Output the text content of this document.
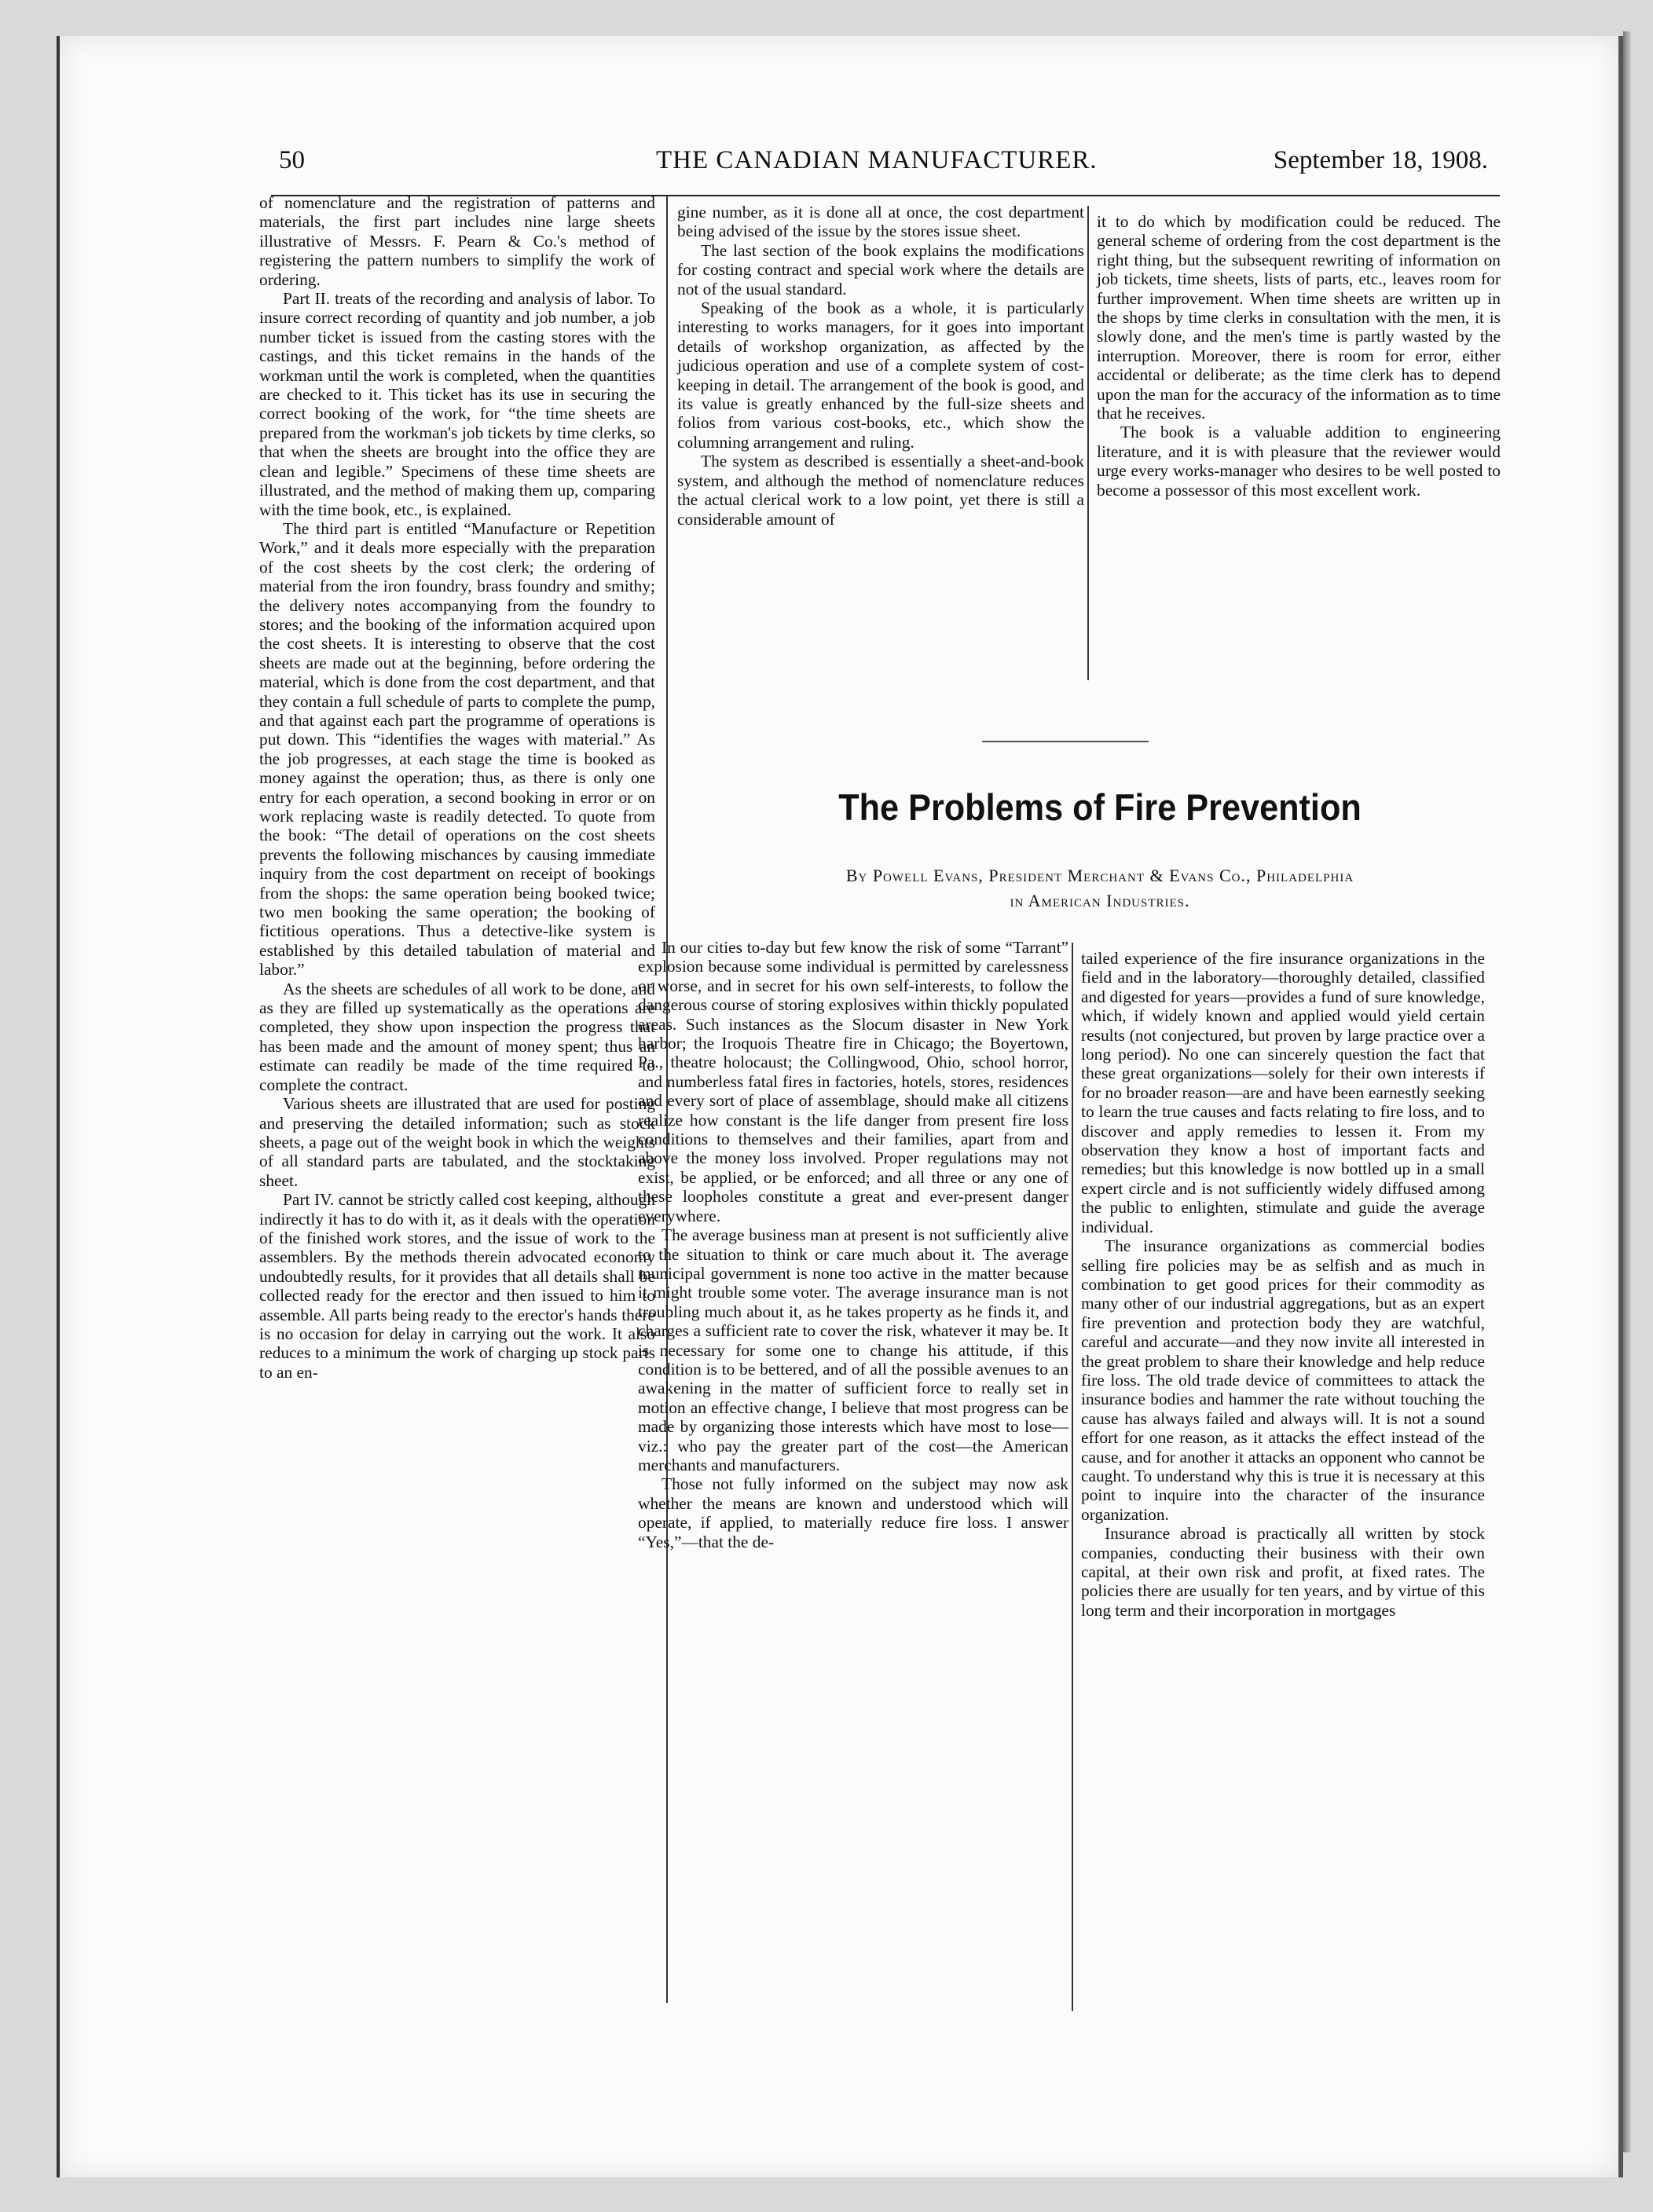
50	THE CANADIAN MANUFACTURER.	September 18, 1908.

of nomenclature and the registration of patterns and materials, the first part includes nine large sheets illustrative of Messrs. F. Pearn & Co.'s method of registering the pattern numbers to simplify the work of ordering.

Part II. treats of the recording and analysis of labor. To insure correct recording of quantity and job number, a job number ticket is issued from the casting stores with the castings, and this ticket remains in the hands of the workman until the work is completed, when the quantities are checked to it. This ticket has its use in securing the correct booking of the work, for “the time sheets are prepared from the workman's job tickets by time clerks, so that when the sheets are brought into the office they are clean and legible.” Specimens of these time sheets are illustrated, and the method of making them up, comparing with the time book, etc., is explained.

The third part is entitled “Manufacture or Repetition Work,” and it deals more especially with the preparation of the cost sheets by the cost clerk; the ordering of material from the iron foundry, brass foundry and smithy; the delivery notes accompanying from the foundry to stores; and the booking of the information acquired upon the cost sheets. It is interesting to observe that the cost sheets are made out at the beginning, before ordering the material, which is done from the cost department, and that they contain a full schedule of parts to complete the pump, and that against each part the programme of operations is put down. This “identifies the wages with material.” As the job progresses, at each stage the time is booked as money against the operation; thus, as there is only one entry for each operation, a second booking in error or on work replacing waste is readily detected. To quote from the book: “The detail of operations on the cost sheets prevents the following mischances by causing immediate inquiry from the cost department on receipt of bookings from the shops: the same operation being booked twice; two men booking the same operation; the booking of fictitious operations. Thus a detective-like system is established by this detailed tabulation of material and labor.”

As the sheets are schedules of all work to be done, and as they are filled up systematically as the operations are completed, they show upon inspection the progress that has been made and the amount of money spent; thus an estimate can readily be made of the time required to complete the contract.

Various sheets are illustrated that are used for posting and preserving the detailed information; such as stock sheets, a page out of the weight book in which the weights of all standard parts are tabulated, and the stocktaking sheet.

Part IV. cannot be strictly called cost keeping, although indirectly it has to do with it, as it deals with the operation of the finished work stores, and the issue of work to the assemblers. By the methods therein advocated economy undoubtedly results, for it provides that all details shall be collected ready for the erector and then issued to him to assemble. All parts being ready to the erector's hands there is no occasion for delay in carrying out the work. It also reduces to a minimum the work of charging up stock parts to an en-

gine number, as it is done all at once, the cost department being advised of the issue by the stores issue sheet.

The last section of the book explains the modifications for costing contract and special work where the details are not of the usual standard.

Speaking of the book as a whole, it is particularly interesting to works managers, for it goes into important details of workshop organization, as affected by the judicious operation and use of a complete system of cost-keeping in detail. The arrangement of the book is good, and its value is greatly enhanced by the full-size sheets and folios from various cost-books, etc., which show the columning arrangement and ruling.

The system as described is essentially a sheet-and-book system, and although the method of nomenclature reduces the actual clerical work to a low point, yet there is still a considerable amount of

it to do which by modification could be reduced. The general scheme of ordering from the cost department is the right thing, but the subsequent rewriting of information on job tickets, time sheets, lists of parts, etc., leaves room for further improvement. When time sheets are written up in the shops by time clerks in consultation with the men, it is slowly done, and the men's time is partly wasted by the interruption. Moreover, there is room for error, either accidental or deliberate; as the time clerk has to depend upon the man for the accuracy of the information as to time that he receives.

The book is a valuable addition to engineering literature, and it is with pleasure that the reviewer would urge every works-manager who desires to be well posted to become a possessor of this most excellent work.

The Problems of Fire Prevention
By Powell Evans, President Merchant & Evans Co., Philadelphia
in American Industries.

In our cities to-day but few know the risk of some “Tarrant” explosion because some individual is permitted by carelessness or worse, and in secret for his own self-interests, to follow the dangerous course of storing explosives within thickly populated areas. Such instances as the Slocum disaster in New York harbor; the Iroquois Theatre fire in Chicago; the Boyertown, Pa., theatre holocaust; the Collingwood, Ohio, school horror, and numberless fatal fires in factories, hotels, stores, residences and every sort of place of assemblage, should make all citizens realize how constant is the life danger from present fire loss conditions to themselves and their families, apart from and above the money loss involved. Proper regulations may not exist, be applied, or be enforced; and all three or any one of these loopholes constitute a great and ever-present danger everywhere.

The average business man at present is not sufficiently alive to the situation to think or care much about it. The average municipal government is none too active in the matter because it might trouble some voter. The average insurance man is not troubling much about it, as he takes property as he finds it, and charges a sufficient rate to cover the risk, whatever it may be. It is necessary for some one to change his attitude, if this condition is to be bettered, and of all the possible avenues to an awakening in the matter of sufficient force to really set in motion an effective change, I believe that most progress can be made by organizing those interests which have most to lose—viz.: who pay the greater part of the cost—the American merchants and manufacturers.

Those not fully informed on the subject may now ask whether the means are known and understood which will operate, if applied, to materially reduce fire loss. I answer “Yes,”—that the de-

tailed experience of the fire insurance organizations in the field and in the laboratory—thoroughly detailed, classified and digested for years—provides a fund of sure knowledge, which, if widely known and applied would yield certain results (not conjectured, but proven by large practice over a long period). No one can sincerely question the fact that these great organizations—solely for their own interests if for no broader reason—are and have been earnestly seeking to learn the true causes and facts relating to fire loss, and to discover and apply remedies to lessen it. From my observation they know a host of important facts and remedies; but this knowledge is now bottled up in a small expert circle and is not sufficiently widely diffused among the public to enlighten, stimulate and guide the average individual.

The insurance organizations as commercial bodies selling fire policies may be as selfish and as much in combination to get good prices for their commodity as many other of our industrial aggregations, but as an expert fire prevention and protection body they are watchful, careful and accurate—and they now invite all interested in the great problem to share their knowledge and help reduce fire loss. The old trade device of committees to attack the insurance bodies and hammer the rate without touching the cause has always failed and always will. It is not a sound effort for one reason, as it attacks the effect instead of the cause, and for another it attacks an opponent who cannot be caught. To understand why this is true it is necessary at this point to inquire into the character of the insurance organization.

Insurance abroad is practically all written by stock companies, conducting their business with their own capital, at their own risk and profit, at fixed rates. The policies there are usually for ten years, and by virtue of this long term and their incorporation in mortgages
